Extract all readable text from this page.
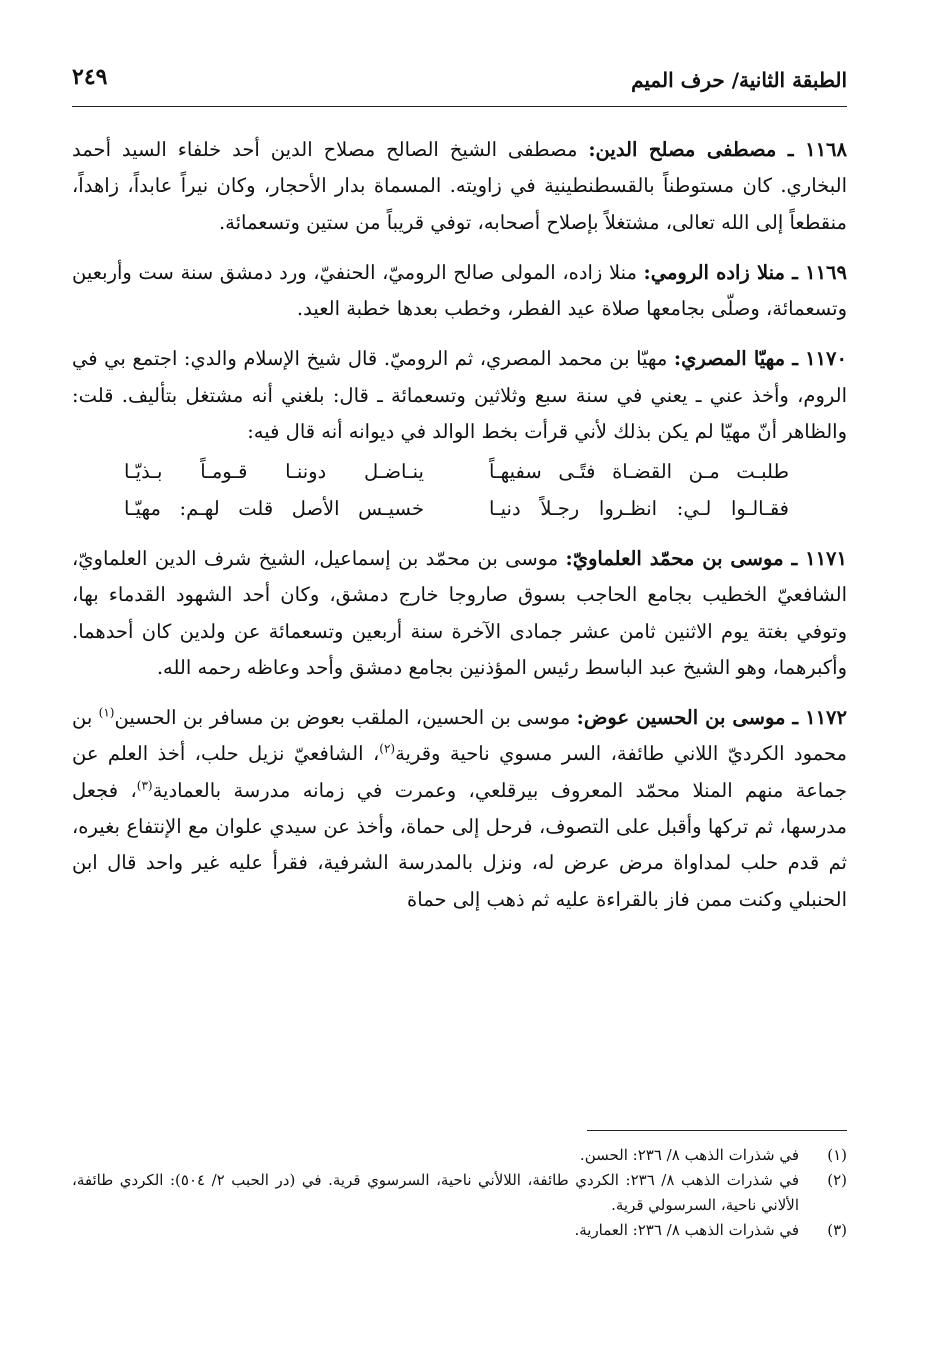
الطبقة الثانية/ حرف الميم
٢٤٩

١١٦٨ ـ مصطفى مصلح الدين: مصطفى الشيخ الصالح مصلاح الدين أحد خلفاء السيد أحمد البخاري. كان مستوطناً بالقسطنطينية في زاويته. المسماة بدار الأحجار، وكان نيراً عابداً، زاهداً، منقطعاً إلى الله تعالى، مشتغلاً بإصلاح أصحابه، توفي قريباً من ستين وتسعمائة.

١١٦٩ ـ منلا زاده الرومي: منلا زاده، المولى صالح الروميّ، الحنفيّ، ورد دمشق سنة ست وأربعين وتسعمائة، وصلّى بجامعها صلاة عيد الفطر، وخطب بعدها خطبة العيد.

١١٧٠ ـ مهيّا المصري: مهيّا بن محمد المصري، ثم الروميّ. قال شيخ الإسلام والدي: اجتمع بي في الروم، وأخذ عني ـ يعني في سنة سبع وثلاثين وتسعمائة ـ قال: بلغني أنه مشتغل بتأليف. قلت: والظاهر أنّ مهيّا لم يكن بذلك لأني قرأت بخط الوالد في ديوانه أنه قال فيه:

طلبـت مـن القضـاة فتًـى سفيهـاً
ينـاضـل دوننـا قـومـاً بـذيّـا
فقـالـوا لـي: انظـروا رجـلاً دنيـا
خسيـس الأصل قلت لهـم: مهيّـا

١١٧١ ـ موسى بن محمّد العلماويّ: موسى بن محمّد بن إسماعيل، الشيخ شرف الدين العلماويّ، الشافعيّ الخطيب بجامع الحاجب بسوق صاروجا خارج دمشق، وكان أحد الشهود القدماء بها، وتوفي بغتة يوم الاثنين ثامن عشر جمادى الآخرة سنة أربعين وتسعمائة عن ولدين كان أحدهما. وأكبرهما، وهو الشيخ عبد الباسط رئيس المؤذنين بجامع دمشق وأحد وعاظه رحمه الله.

١١٧٢ ـ موسى بن الحسين عوض: موسى بن الحسين، الملقب بعوض بن مسافر بن الحسين$^{(١)}$ بن محمود الكرديّ اللاني طائفة، السر مسوي ناحية وقرية$^{(٢)}$، الشافعيّ نزيل حلب، أخذ العلم عن جماعة منهم المنلا محمّد المعروف بيرقلعي، وعمرت في زمانه مدرسة بالعمادية$^{(٣)}$، فجعل مدرسها، ثم تركها وأقبل على التصوف، فرحل إلى حماة، وأخذ عن سيدي علوان مع الإنتفاع بغيره، ثم قدم حلب لمداواة مرض عرض له، ونزل بالمدرسة الشرفية، فقرأ عليه غير واحد قال ابن الحنبلي وكنت ممن فاز بالقراءة عليه ثم ذهب إلى حماة

(١)
في شذرات الذهب ٨/ ٢٣٦: الحسن.
(٢)
في شذرات الذهب ٨/ ٢٣٦: الكردي طائفة، اللالأني ناحية، السرسوي قرية. في (در الحبب ٢/ ٥٠٤): الكردي طائفة، الألاني ناحية، السرسولي قرية.
(٣)
في شذرات الذهب ٨/ ٢٣٦: العمارية.
